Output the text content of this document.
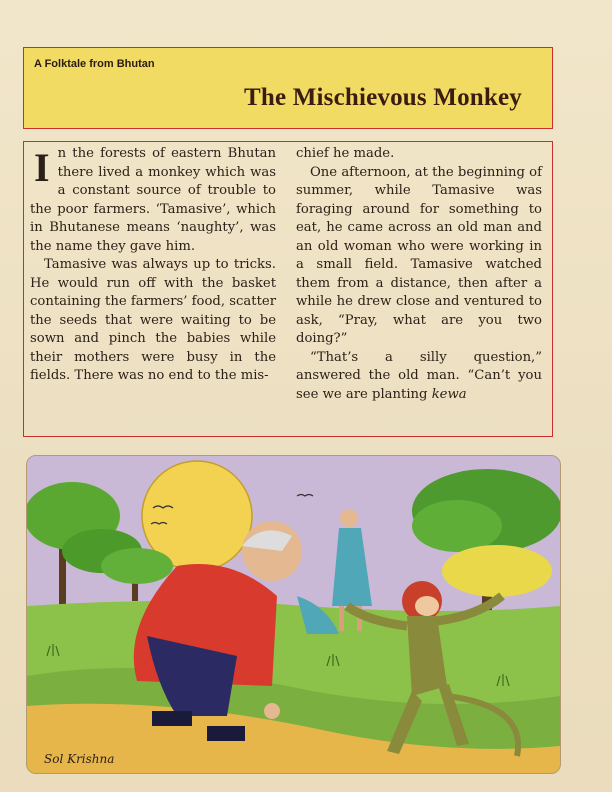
A Folktale from Bhutan
The Mischievous Monkey

In the forests of eastern Bhutan there lived a monkey which was a constant source of trouble to the poor farmers. ‘Tamasive’, which in Bhutanese means ‘naughty’, was the name they gave him.

Tamasive was always up to tricks. He would run off with the basket containing the farmers’ food, scatter the seeds that were waiting to be sown and pinch the babies while their mothers were busy in the fields. There was no end to the mis-

chief he made.

One afternoon, at the beginning of summer, while Tamasive was foraging around for something to eat, he came across an old man and an old woman who were working in a small field. Tamasive watched them from a distance, then after a while he drew close and ventured to ask, “Pray, what are you two doing?”

“That’s a silly question,” answered the old man. “Can’t you see we are planting kewa

Sol Krishna
